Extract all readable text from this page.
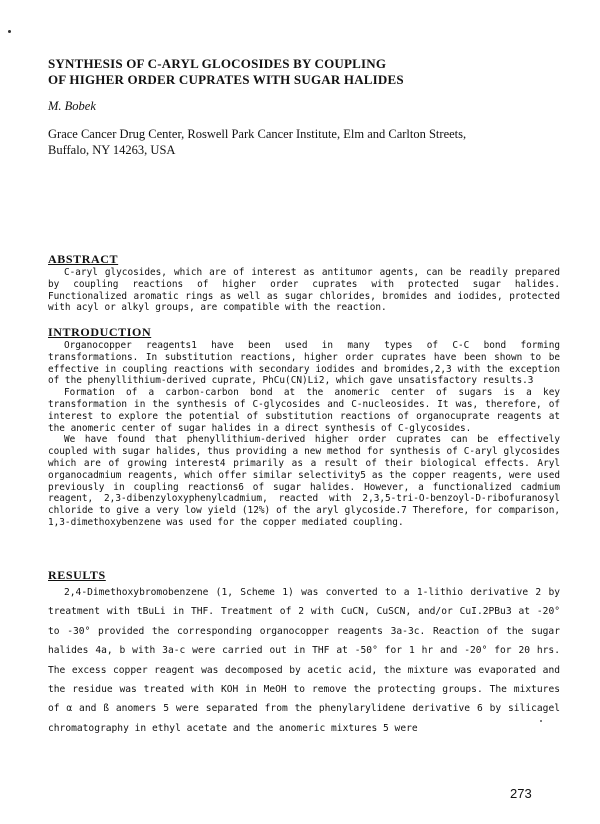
SYNTHESIS OF C-ARYL GLOCOSIDES BY COUPLING
OF HIGHER ORDER CUPRATES WITH SUGAR HALIDES
M. Bobek
Grace Cancer Drug Center, Roswell Park Cancer Institute, Elm and Carlton Streets,
Buffalo, NY 14263, USA
ABSTRACT

C-aryl glycosides, which are of interest as antitumor agents, can be readily prepared by coupling reactions of higher order cuprates with protected sugar halides. Functionalized aromatic rings as well as sugar chlorides, bromides and iodides, protected with acyl or alkyl groups, are compatible with the reaction.

INTRODUCTION

Organocopper reagents1 have been used in many types of C-C bond forming transformations. In substitution reactions, higher order cuprates have been shown to be effective in coupling reactions with secondary iodides and bromides,2,3 with the exception of the phenyllithium-derived cuprate, PhCu(CN)Li2, which gave unsatisfactory results.3

Formation of a carbon-carbon bond at the anomeric center of sugars is a key transformation in the synthesis of C-glycosides and C-nucleosides. It was, therefore, of interest to explore the potential of substitution reactions of organocuprate reagents at the anomeric center of sugar halides in a direct synthesis of C-glycosides.

We have found that phenyllithium-derived higher order cuprates can be effectively coupled with sugar halides, thus providing a new method for synthesis of C-aryl glycosides which are of growing interest4 primarily as a result of their biological effects. Aryl organocadmium reagents, which offer similar selectivity5 as the copper reagents, were used previously in coupling reactions6 of sugar halides. However, a functionalized cadmium reagent, 2,3-dibenzyloxyphenylcadmium, reacted with 2,3,5-tri-O-benzoyl-D-ribofuranosyl chloride to give a very low yield (12%) of the aryl glycoside.7 Therefore, for comparison, 1,3-dimethoxybenzene was used for the copper mediated coupling.

RESULTS

2,4-Dimethoxybromobenzene (1, Scheme 1) was converted to a 1-lithio derivative 2 by treatment with tBuLi in THF. Treatment of 2 with CuCN, CuSCN, and/or CuI.2PBu3 at -20° to -30° provided the corresponding organocopper reagents 3a-3c. Reaction of the sugar halides 4a, b with 3a-c were carried out in THF at -50° for 1 hr and -20° for 20 hrs. The excess copper reagent was decomposed by acetic acid, the mixture was evaporated and the residue was treated with KOH in MeOH to remove the protecting groups. The mixtures of α and ß anomers 5 were separated from the phenylarylidene derivative 6 by silicagel chromatography in ethyl acetate and the anomeric mixtures 5 were

273
